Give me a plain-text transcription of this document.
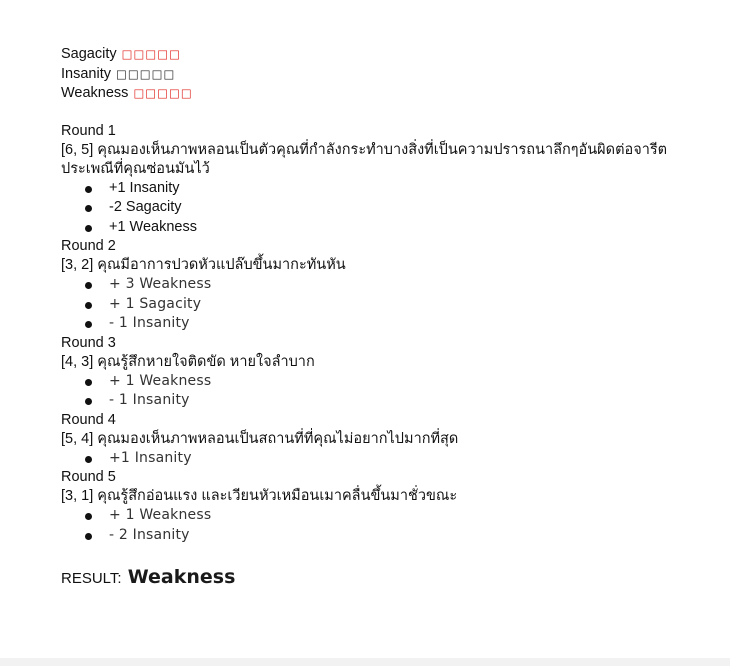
Sagacity □□□□□
Insanity □□□□□
Weakness □□□□□
Round 1
[6, 5] คุณมองเห็นภาพหลอนเป็นตัวคุณที่กำลังกระทำบางสิ่งที่เป็นความปรารถนาลึกๆอันผิดต่อจารีตประเพณีที่คุณซ่อนมันไว้
+1 Insanity
-2 Sagacity
+1 Weakness
Round 2
[3, 2] คุณมีอาการปวดหัวแปล๊บขึ้นมากะทันหัน
+ 3 Weakness
+ 1 Sagacity
- 1 Insanity
Round 3
[4, 3] คุณรู้สึกหายใจติดขัด หายใจลำบาก
+ 1 Weakness
- 1 Insanity
Round 4
[5, 4] คุณมองเห็นภาพหลอนเป็นสถานที่ที่คุณไม่อยากไปมากที่สุด
+1 Insanity
Round 5
[3, 1] คุณรู้สึกอ่อนแรง และเวียนหัวเหมือนเมาคลื่นขึ้นมาชั่วขณะ
+ 1 Weakness
- 2 Insanity
RESULT: Weakness
